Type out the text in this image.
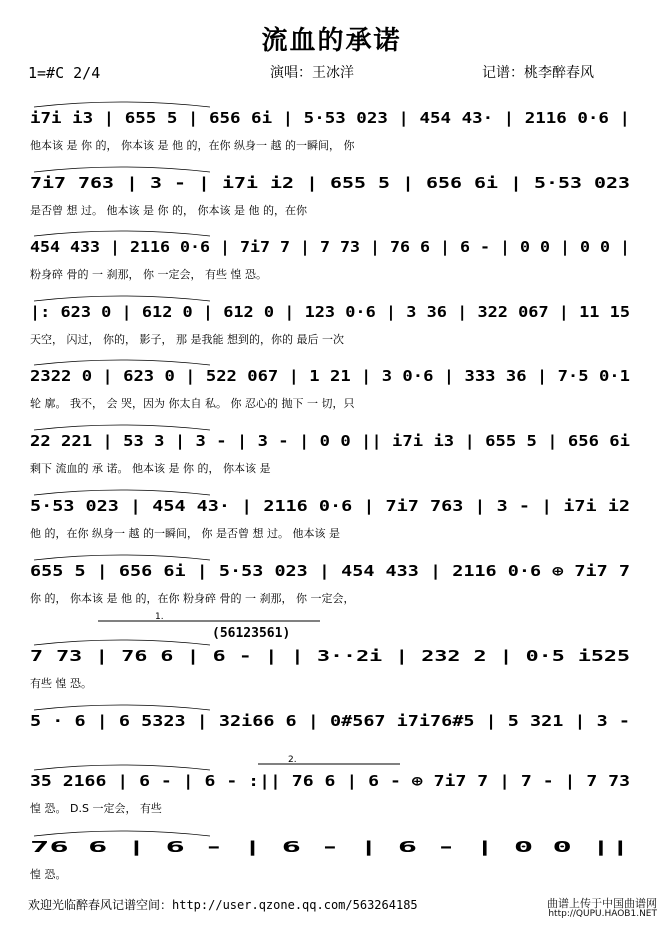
流血的承诺
1=#C 2/4	演唱：王冰洋	记谱：桃李醉春风
i7i i3 | 655 5 | 656 6i | 5·53 023 | 454 43· | 2116 0·6 |
他本该 是 你 的， 你本该 是 他 的，在你 纵身一 越 的一瞬间， 你
7i7 763 | 3 - | i7i i2 | 655 5 | 656 6i | 5·53 023
是否曾 想 过。 他本该 是 你 的， 你本该 是 他 的，在你
454 433 | 2116 0·6 | 7i7 7 | 7 73 | 76 6 | 6 - | 0 0 | 0 0 |
粉身碎 骨的 一 刹那， 你 一定会， 有些 惶 恐。
|: 623 0 | 612 0 | 612 0 | 123 0·6 | 3 36 | 322 067 | 11 15
天空， 闪过， 你的， 影子， 那 是我能 想到的，你的 最后 一次
2322 0 | 623 0 | 522 067 | 1 21 | 3 0·6 | 333 36 | 7·5 0·1
轮 廓。 我不， 会 哭，因为 你太自 私。 你 忍心的 抛下 一 切，只
22 221 | 53 3 | 3 - | 3 - | 0 0 || i7i i3 | 655 5 | 656 6i
剩下 流血的 承 诺。 他本该 是 你 的， 你本该 是
5·53 023 | 454 43· | 2116 0·6 | 7i7 763 | 3 - | i7i i2
他 的，在你 纵身一 越 的一瞬间， 你 是否曾 想 过。 他本该 是
655 5 | 656 6i | 5·53 023 | 454 433 | 2116 0·6 ⊕ 7i7 7
你 的， 你本该 是 他 的，在你 粉身碎 骨的 一 刹那， 你 一定会，
7 73 | 76 6 | 6 - | | 3··2i | 232 2 | 0·5 i525
有些 惶 恐。
1.
(56123561)
5 · 6 | 6 5323 | 32i66 6 | 0#567 i7i76#5 | 5 321 | 3 -
35 2166 | 6 - | 6 - :|| 76 6 | 6 - ⊕ 7i7 7 | 7 - | 7 73
惶 恐。 D.S 一定会， 有些
2.
76 6 | 6 - | 6 - | 6 - | 0 0 ||
惶 恐。
欢迎光临醉春风记谱空间：http://user.qzone.qq.com/563264185	曲谱上传于中国曲谱网
http://QUPU.HAOB1.NET
